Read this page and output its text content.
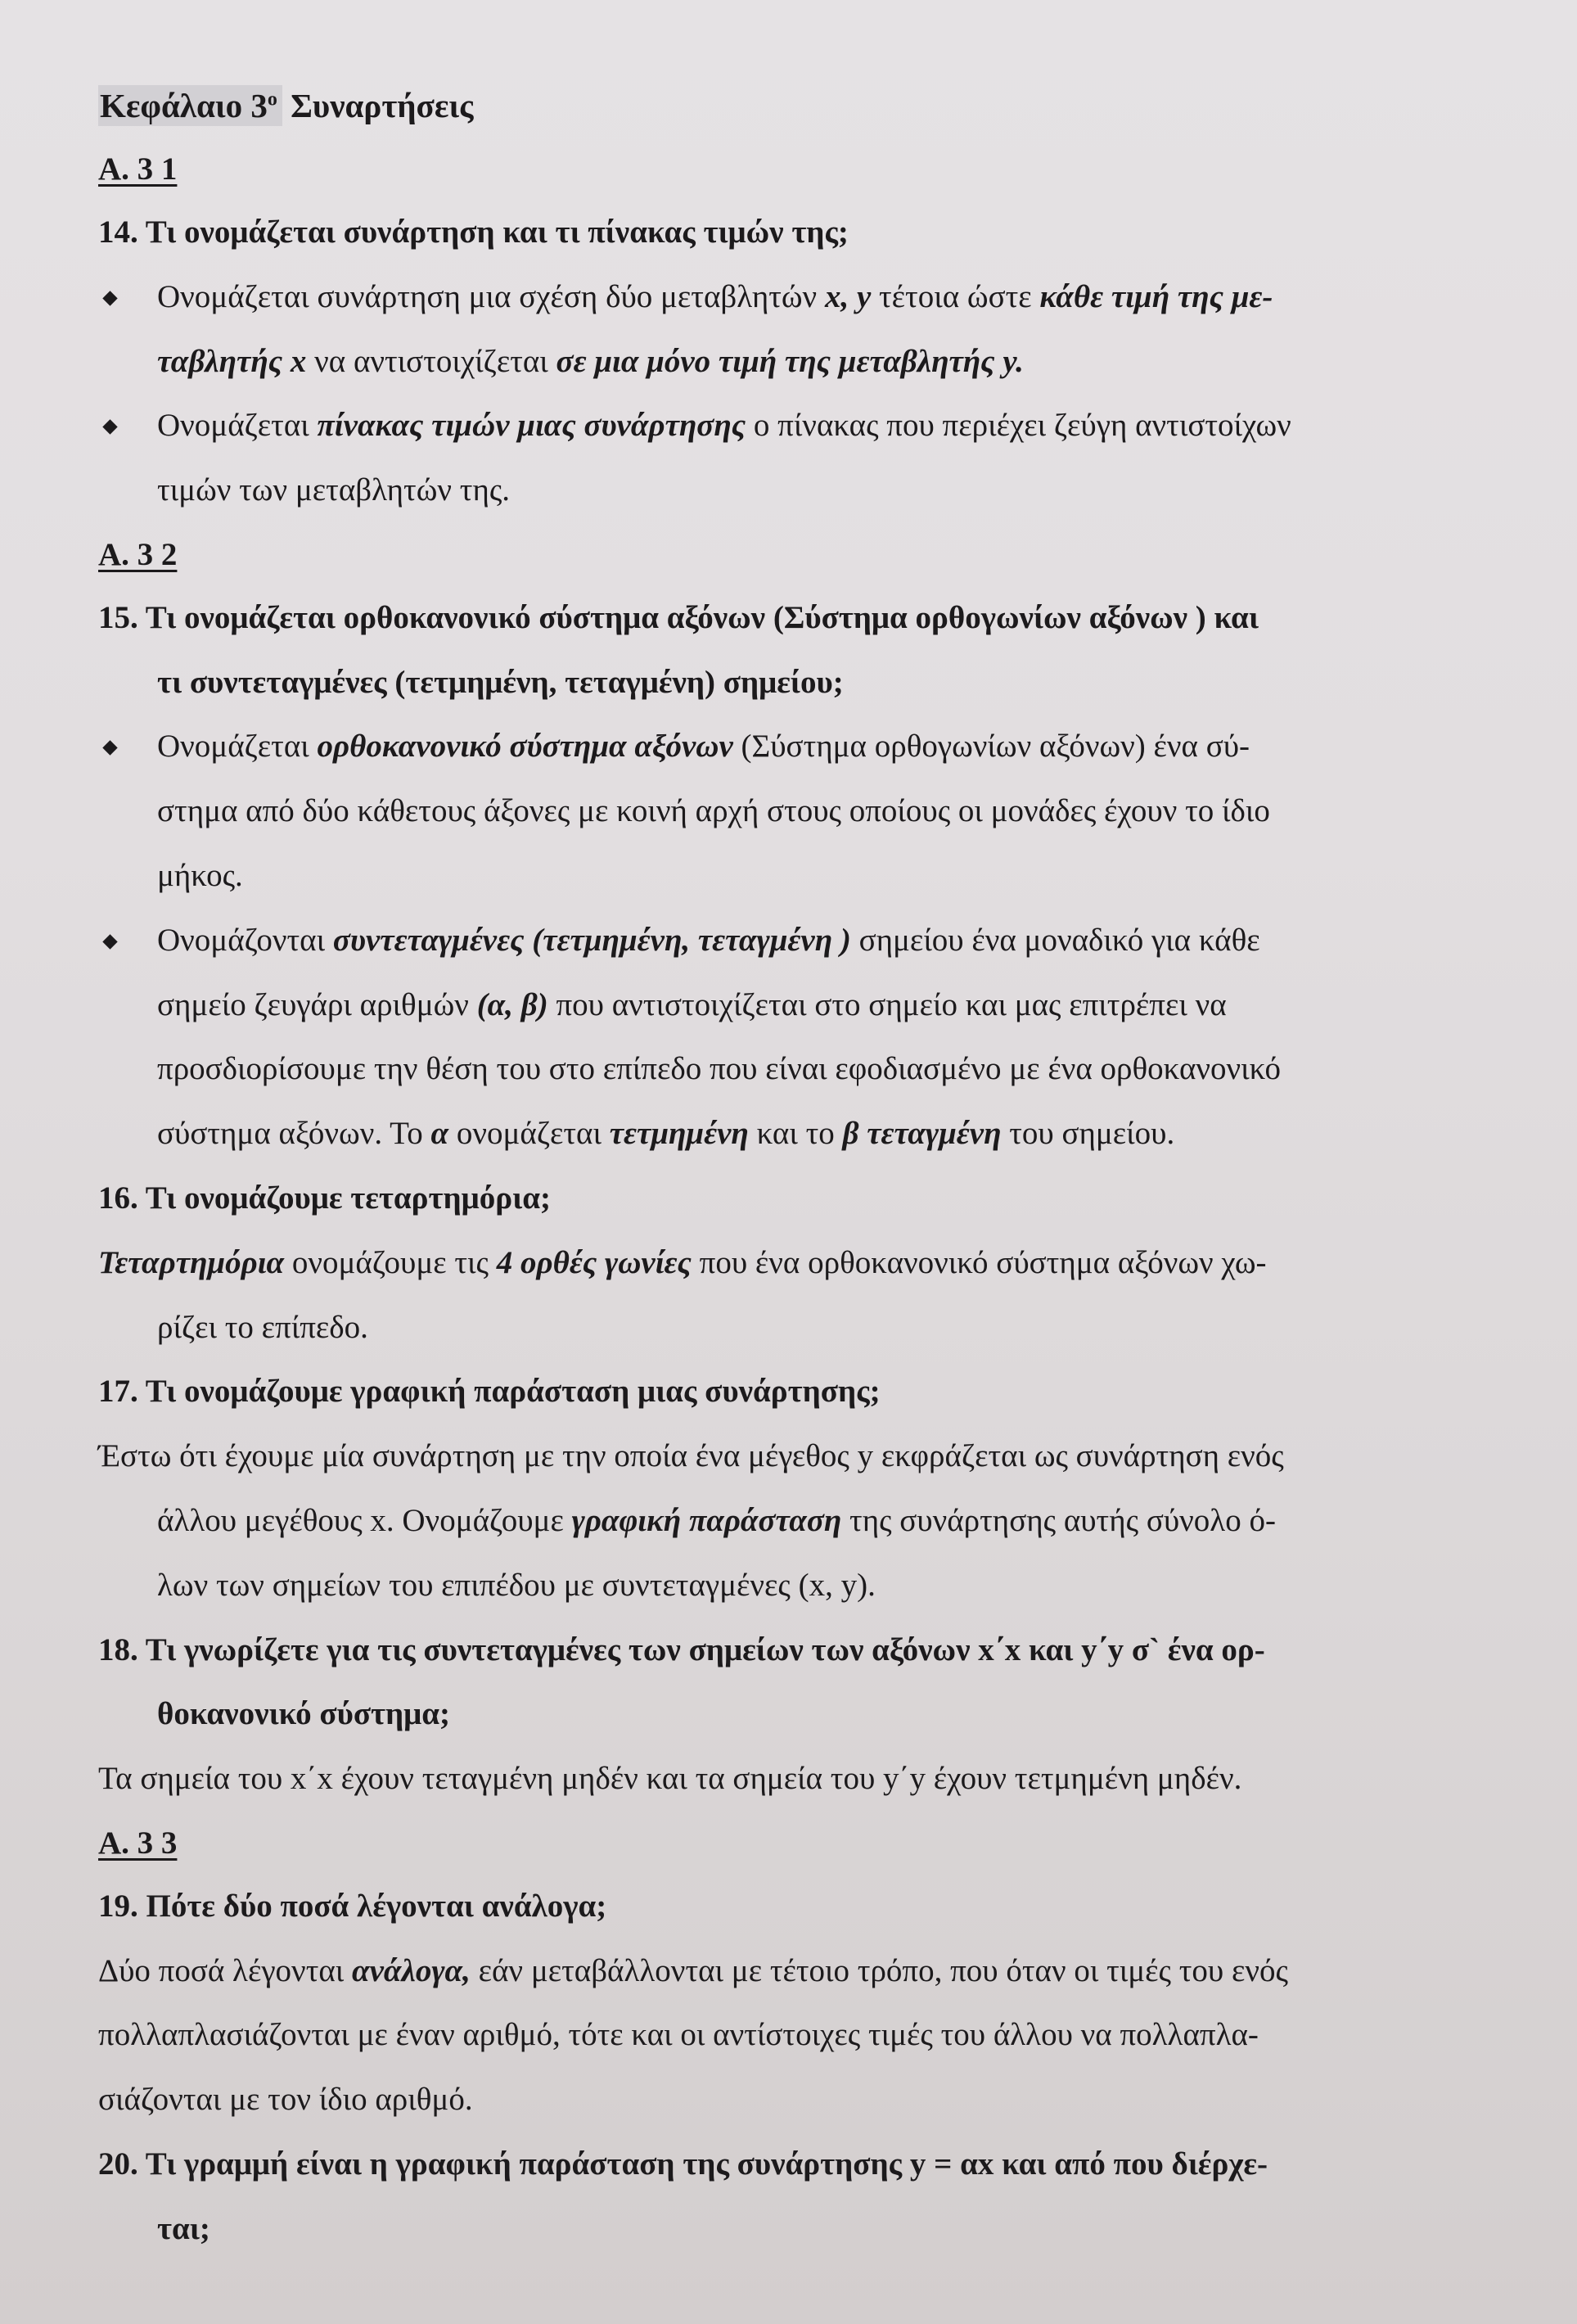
Κεφάλαιο $3^o$ Συναρτήσεις

Α. 3 1

14. Τι ονομάζεται συνάρτηση και τι πίνακας τιμών της;

Ονομάζεται συνάρτηση μια σχέση δύο μεταβλητών x, y τέτοια ώστε κάθε τιμή της με-
ταβλητής x να αντιστοιχίζεται σε μια μόνο τιμή της μεταβλητής y.
Ονομάζεται πίνακας τιμών μιας συνάρτησης ο πίνακας που περιέχει ζεύγη αντιστοίχων
τιμών των μεταβλητών της.

Α. 3 2

15. Τι ονομάζεται ορθοκανονικό σύστημα αξόνων (Σύστημα ορθογωνίων αξόνων ) και
τι συντεταγμένες (τετμημένη, τεταγμένη) σημείου;

Ονομάζεται ορθοκανονικό σύστημα αξόνων (Σύστημα ορθογωνίων αξόνων) ένα σύ-
στημα από δύο κάθετους άξονες με κοινή αρχή στους οποίους οι μονάδες έχουν το ίδιο
μήκος.
Ονομάζονται συντεταγμένες (τετμημένη, τεταγμένη ) σημείου ένα μοναδικό για κάθε
σημείο ζευγάρι αριθμών (α, β) που αντιστοιχίζεται στο σημείο και μας επιτρέπει να
προσδιορίσουμε την θέση του στο επίπεδο που είναι εφοδιασμένο με ένα ορθοκανονικό
σύστημα αξόνων. Το α ονομάζεται τετμημένη και το β τεταγμένη του σημείου.

16. Τι ονομάζουμε τεταρτημόρια;

Τεταρτημόρια ονομάζουμε τις 4 ορθές γωνίες που ένα ορθοκανονικό σύστημα αξόνων χω-
ρίζει το επίπεδο.

17. Τι ονομάζουμε γραφική παράσταση μιας συνάρτησης;

Έστω ότι έχουμε μία συνάρτηση με την οποία ένα μέγεθος y εκφράζεται ως συνάρτηση ενός
άλλου μεγέθους x. Ονομάζουμε γραφική παράσταση της συνάρτησης αυτής σύνολο ό-
λων των σημείων του επιπέδου με συντεταγμένες (x, y).

18. Τι γνωρίζετε για τις συντεταγμένες των σημείων των αξόνων x΄x και y΄y σ` ένα ορ-
θοκανονικό σύστημα;

Τα σημεία του x΄x έχουν τεταγμένη μηδέν και τα σημεία του y΄y έχουν τετμημένη μηδέν.

Α. 3 3

19. Πότε δύο ποσά λέγονται ανάλογα;

Δύο ποσά λέγονται ανάλογα, εάν μεταβάλλονται με τέτοιο τρόπο, που όταν οι τιμές του ενός
πολλαπλασιάζονται με έναν αριθμό, τότε και οι αντίστοιχες τιμές του άλλου να πολλαπλα-
σιάζονται με τον ίδιο αριθμό.

20. Τι γραμμή είναι η γραφική παράσταση της συνάρτησης y = αx και από που διέρχε-
ται;
